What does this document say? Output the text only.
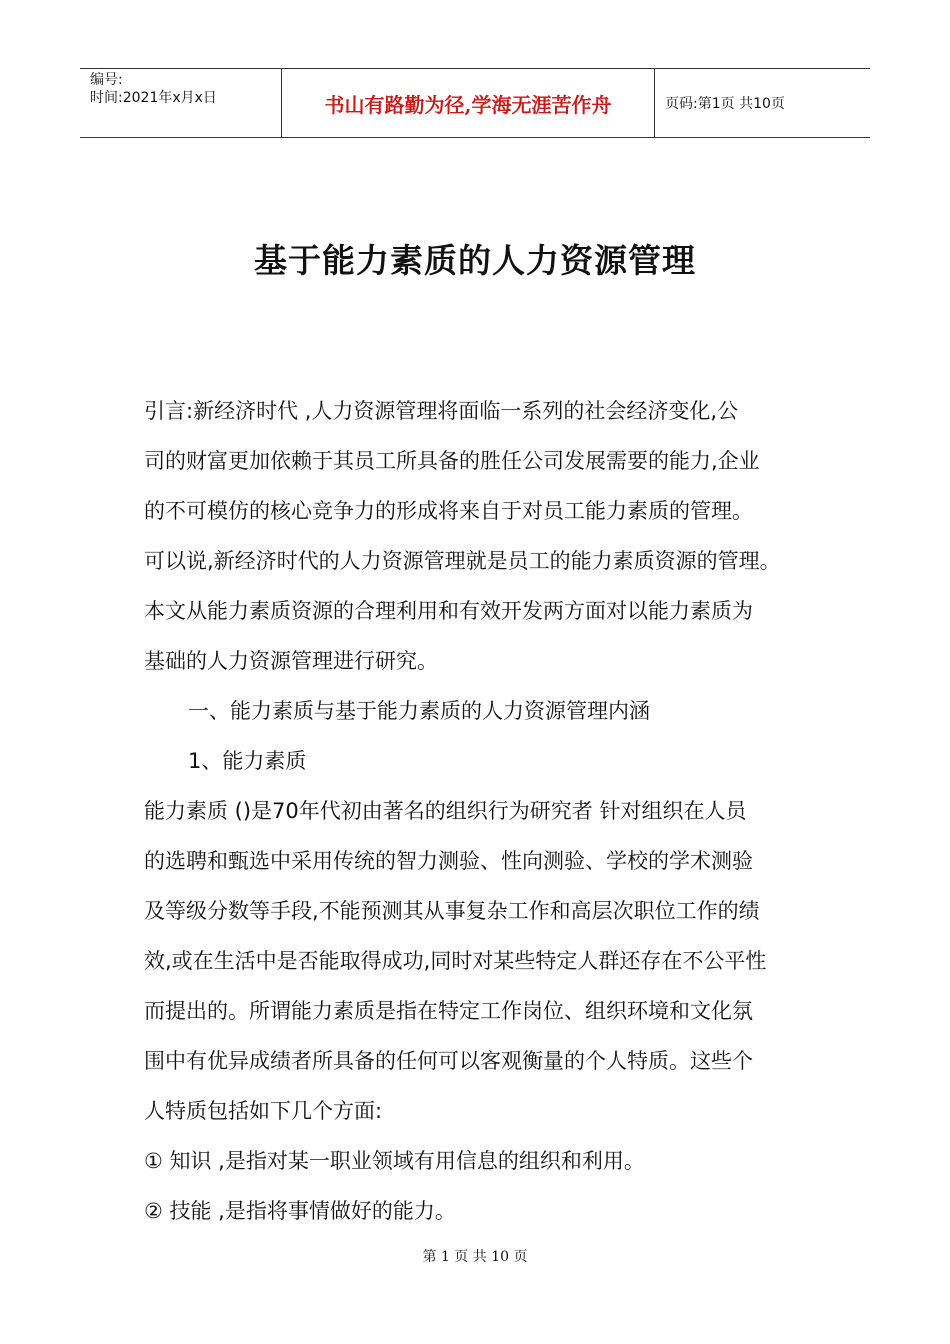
编号:
时间:2021年x月x日	书山有路勤为径,学海无涯苦作舟	页码:第1页 共10页
基于能力素质的人力资源管理

引言:新经济时代 ,人力资源管理将面临一系列的社会经济变化,公

司的财富更加依赖于其员工所具备的胜任公司发展需要的能力,企业

的不可模仿的核心竞争力的形成将来自于对员工能力素质的管理。

可以说,新经济时代的人力资源管理就是员工的能力素质资源的管理。

本文从能力素质资源的合理利用和有效开发两方面对以能力素质为

基础的人力资源管理进行研究。

一、能力素质与基于能力素质的人力资源管理内涵

1、能力素质

能力素质 ()是70年代初由著名的组织行为研究者 针对组织在人员

的选聘和甄选中采用传统的智力测验、性向测验、学校的学术测验

及等级分数等手段,不能预测其从事复杂工作和高层次职位工作的绩

效,或在生活中是否能取得成功,同时对某些特定人群还存在不公平性

而提出的。所谓能力素质是指在特定工作岗位、组织环境和文化氛

围中有优异成绩者所具备的任何可以客观衡量的个人特质。这些个

人特质包括如下几个方面:

① 知识 ,是指对某一职业领域有用信息的组织和利用。

② 技能 ,是指将事情做好的能力。

第 1 页 共 10 页
